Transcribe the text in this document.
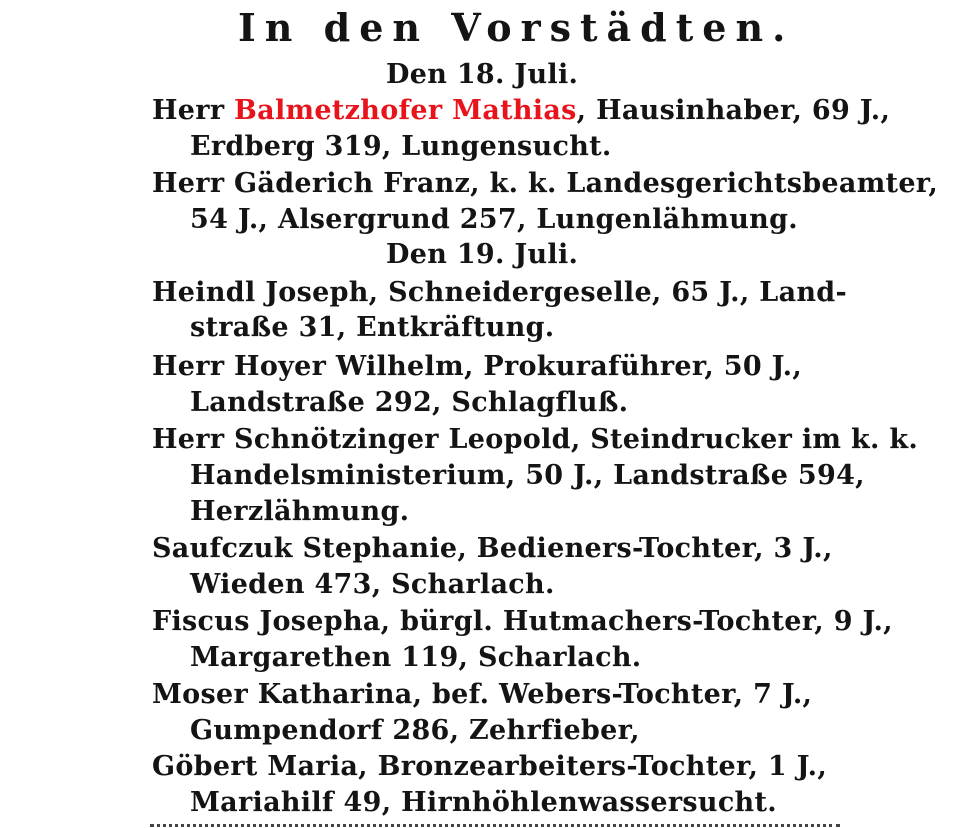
In den Vorstädten.
Den 18. Juli.
Herr Balmetzhofer Mathias, Hausinhaber, 69 J.,
Erdberg 319, Lungensucht.
Herr Gäderich Franz, k. k. Landesgerichtsbeamter,
54 J., Alsergrund 257, Lungenlähmung.
Den 19. Juli.
Heindl Joseph, Schneidergeselle, 65 J., Land-
straße 31, Entkräftung.
Herr Hoyer Wilhelm, Prokuraführer, 50 J.,
Landstraße 292, Schlagfluß.
Herr Schnötzinger Leopold, Steindrucker im k. k.
Handelsministerium, 50 J., Landstraße 594,
Herzlähmung.
Saufczuk Stephanie, Bedieners-Tochter, 3 J.,
Wieden 473, Scharlach.
Fiscus Josepha, bürgl. Hutmachers-Tochter, 9 J.,
Margarethen 119, Scharlach.
Moser Katharina, bef. Webers-Tochter, 7 J.,
Gumpendorf 286, Zehrfieber,
Göbert Maria, Bronzearbeiters-Tochter, 1 J.,
Mariahilf 49, Hirnhöhlenwassersucht.
